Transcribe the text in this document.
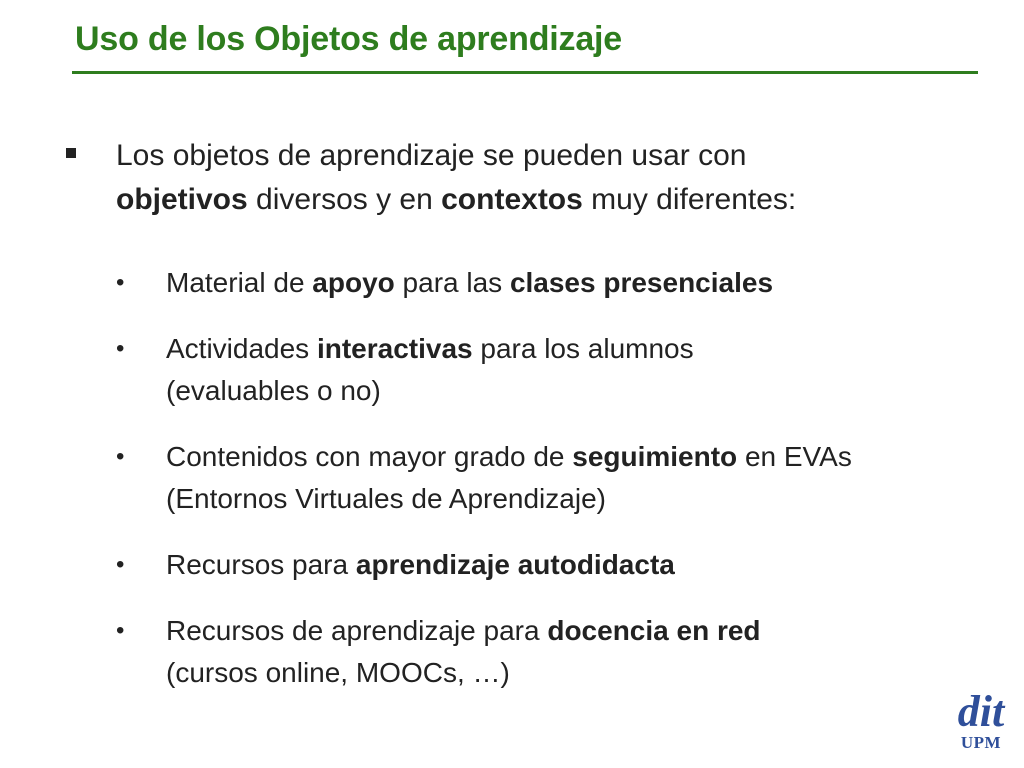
Uso de los Objetos de aprendizaje
Los objetos de aprendizaje se pueden usar con
objetivos diversos y en contextos muy diferentes:
• Material de apoyo para las clases presenciales
• Actividades interactivas para los alumnos
(evaluables o no)
• Contenidos con mayor grado de seguimiento en EVAs
(Entornos Virtuales de Aprendizaje)
• Recursos para aprendizaje autodidacta
• Recursos de aprendizaje para docencia en red
(cursos online, MOOCs, …)
dit
UPM
